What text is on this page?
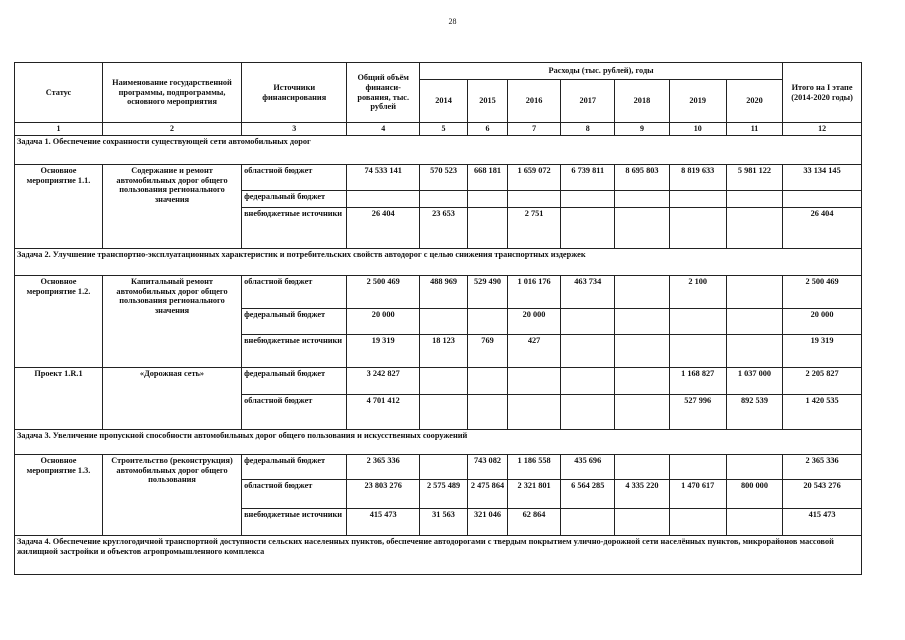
28
Статус	Наименование государственной программы, подпрограммы, основного мероприятия	Источники финансирования	Общий объём финанси-рования, тыс. рублей	Расходы (тыс. рублей), годы							Итого на I этапе (2014-2020 годы)
				2014	2015	2016	2017	2018	2019	2020	
1	2	3	4	5	6	7	8	9	10	11	12
Задача 1. Обеспечение сохранности существующей сети автомобильных дорог											
Основное мероприятие 1.1.	Содержание и ремонт автомобильных дорог общего пользования регионального значения	областной бюджет	74 533 141	570 523	668 181	1 659 072	6 739 811	8 695 803	8 819 633	5 981 122	33 134 145
		федеральный бюджет									
		внебюджетные источники	26 404	23 653		2 751					26 404
Задача 2. Улучшение транспортно-эксплуатационных характеристик и потребительских свойств автодорог с целью снижения транспортных издержек											
Основное мероприятие 1.2.	Капитальный ремонт автомобильных дорог общего пользования регионального значения	областной бюджет	2 500 469	488 969	529 490	1 016 176	463 734		2 100		2 500 469
		федеральный бюджет	20 000			20 000					20 000
		внебюджетные источники	19 319	18 123	769	427					19 319
Проект 1.R.1	«Дорожная сеть»	федеральный бюджет	3 242 827						1 168 827	1 037 000	2 205 827
		областной бюджет	4 701 412						527 996	892 539	1 420 535
Задача 3. Увеличение пропускной способности автомобильных дорог общего пользования и искусственных сооружений											
Основное мероприятие 1.3.	Строительство (реконструкция) автомобильных дорог общего пользования	федеральный бюджет	2 365 336		743 082	1 186 558	435 696				2 365 336
		областной бюджет	23 803 276	2 575 489	2 475 864	2 321 801	6 564 285	4 335 220	1 470 617	800 000	20 543 276
		внебюджетные источники	415 473	31 563	321 046	62 864					415 473
Задача 4. Обеспечение круглогодичной транспортной доступности сельских населенных пунктов, обеспечение автодорогами с твердым покрытием улично-дорожной сети населённых пунктов, микрорайонов массовой жилищной застройки и объектов агропромышленного комплекса											
